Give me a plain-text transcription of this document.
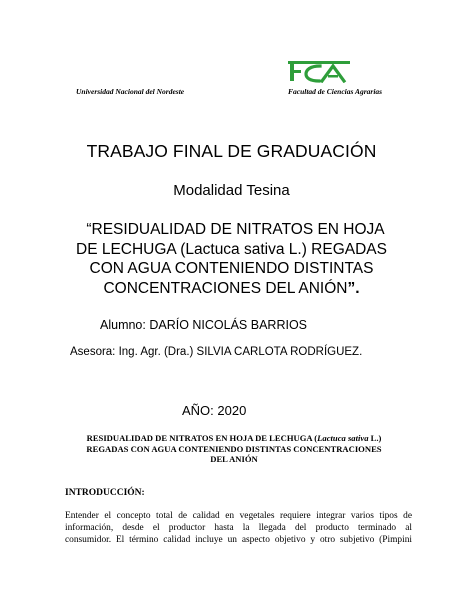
Universidad Nacional del Nordeste	Facultad de Ciencias Agrarias
TRABAJO FINAL DE GRADUACIÓN
Modalidad Tesina
“RESIDUALIDAD DE NITRATOS EN HOJA
DE LECHUGA (Lactuca sativa L.) REGADAS
CON AGUA CONTENIENDO DISTINTAS
CONCENTRACIONES DEL ANIÓN”.
Alumno: DARÍO NICOLÁS BARRIOS
Asesora: Ing. Agr. (Dra.) SILVIA CARLOTA RODRÍGUEZ.
AÑO: 2020
RESIDUALIDAD DE NITRATOS EN HOJA DE LECHUGA (Lactuca sativa L.)
REGADAS CON AGUA CONTENIENDO DISTINTAS CONCENTRACIONES
DEL ANIÓN
INTRODUCCIÓN:
Entender el concepto total de calidad en vegetales requiere integrar varios tipos de
información, desde el productor hasta la llegada del producto terminado al
consumidor. El término calidad incluye un aspecto objetivo y otro subjetivo (Pimpini
